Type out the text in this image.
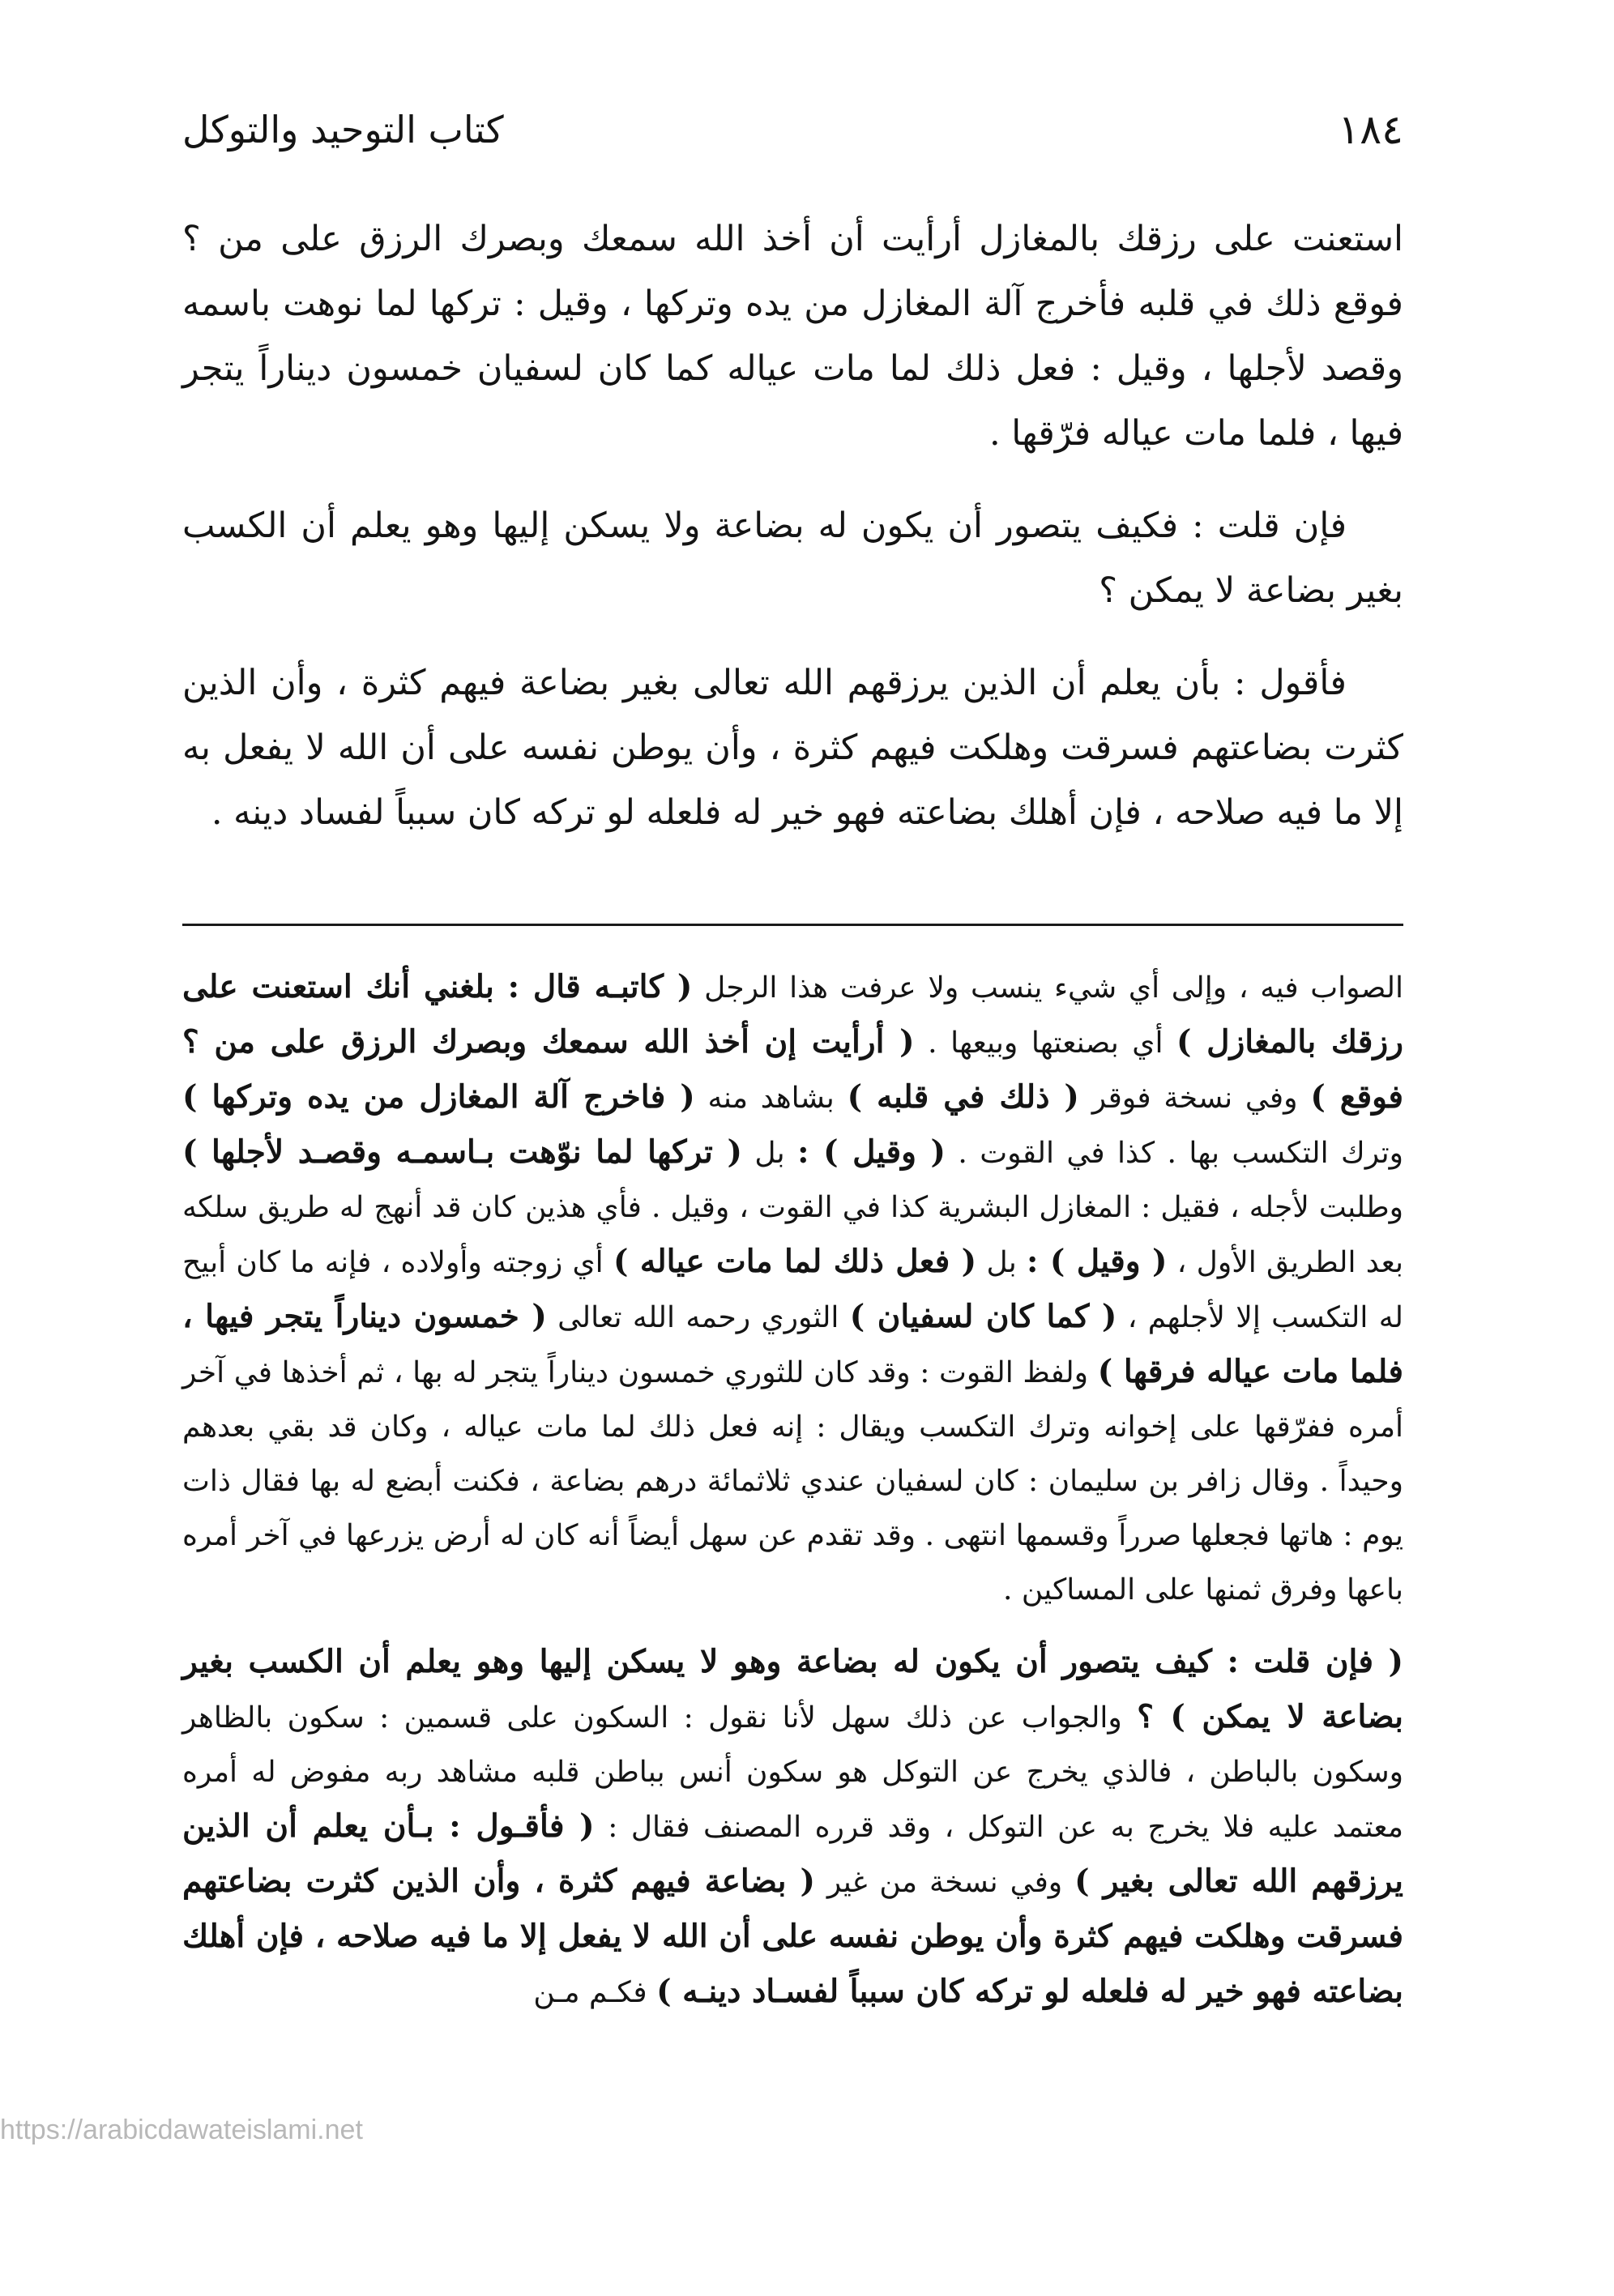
١٨٤
كتاب التوحيد والتوكل

استعنت على رزقك بالمغازل أرأيت أن أخذ الله سمعك وبصرك الرزق على من ؟ فوقع ذلك في قلبه فأخرج آلة المغازل من يده وتركها ، وقيل : تركها لما نوهت باسمه وقصد لأجلها ، وقيل : فعل ذلك لما مات عياله كما كان لسفيان خمسون ديناراً يتجر فيها ، فلما مات عياله فرّقها .

فإن قلت : فكيف يتصور أن يكون له بضاعة ولا يسكن إليها وهو يعلم أن الكسب بغير بضاعة لا يمكن ؟

فأقول : بأن يعلم أن الذين يرزقهم الله تعالى بغير بضاعة فيهم كثرة ، وأن الذين كثرت بضاعتهم فسرقت وهلكت فيهم كثرة ، وأن يوطن نفسه على أن الله لا يفعل به إلا ما فيه صلاحه ، فإن أهلك بضاعته فهو خير له فلعله لو تركه كان سبباً لفساد دينه .

الصواب فيه ، وإلى أي شيء ينسب ولا عرفت هذا الرجل ( كاتبـه قال : بلغني أنك استعنت على رزقك بالمغازل ) أي بصنعتها وبيعها . ( أرأيت إن أخذ الله سمعك وبصرك الرزق على من ؟ فوقع ) وفي نسخة فوقر ( ذلك في قلبه ) بشاهد منه ( فاخرج آلة المغازل من يده وتركها ) وترك التكسب بها . كذا في القوت . ( وقيل ) : بل ( تركها لما نوّهت بـاسمـه وقصـد لأجلها ) وطلبت لأجله ، فقيل : المغازل البشرية كذا في القوت ، وقيل . فأي هذين كان قد أنهج له طريق سلكه بعد الطريق الأول ، ( وقيل ) : بل ( فعل ذلك لما مات عياله ) أي زوجته وأولاده ، فإنه ما كان أبيح له التكسب إلا لأجلهم ، ( كما كان لسفيان ) الثوري رحمه الله تعالى ( خمسون ديناراً يتجر فيها ، فلما مات عياله فرقها ) ولفظ القوت : وقد كان للثوري خمسون ديناراً يتجر له بها ، ثم أخذها في آخر أمره ففرّقها على إخوانه وترك التكسب ويقال : إنه فعل ذلك لما مات عياله ، وكان قد بقي بعدهم وحيداً . وقال زافر بن سليمان : كان لسفيان عندي ثلاثمائة درهم بضاعة ، فكنت أبضع له بها فقال ذات يوم : هاتها فجعلها صرراً وقسمها انتهى . وقد تقدم عن سهل أيضاً أنه كان له أرض يزرعها في آخر أمره باعها وفرق ثمنها على المساكين .

( فإن قلت : كيف يتصور أن يكون له بضاعة وهو لا يسكن إليها وهو يعلم أن الكسب بغير بضاعة لا يمكن ) ؟ والجواب عن ذلك سهل لأنا نقول : السكون على قسمين : سكون بالظاهر وسكون بالباطن ، فالذي يخرج عن التوكل هو سكون أنس بباطن قلبه مشاهد ربه مفوض له أمره معتمد عليه فلا يخرج به عن التوكل ، وقد قرره المصنف فقال : ( فأقـول : بـأن يعلم أن الذين يرزقهم الله تعالى بغير ) وفي نسخة من غير ( بضاعة فيهم كثرة ، وأن الذين كثرت بضاعتهم فسرقت وهلكت فيهم كثرة وأن يوطن نفسه على أن الله لا يفعل إلا ما فيه صلاحه ، فإن أهلك بضاعته فهو خير له فلعله لو تركه كان سبباً لفسـاد دينـه ) فكـم مـن

https://arabicdawateislami.net
